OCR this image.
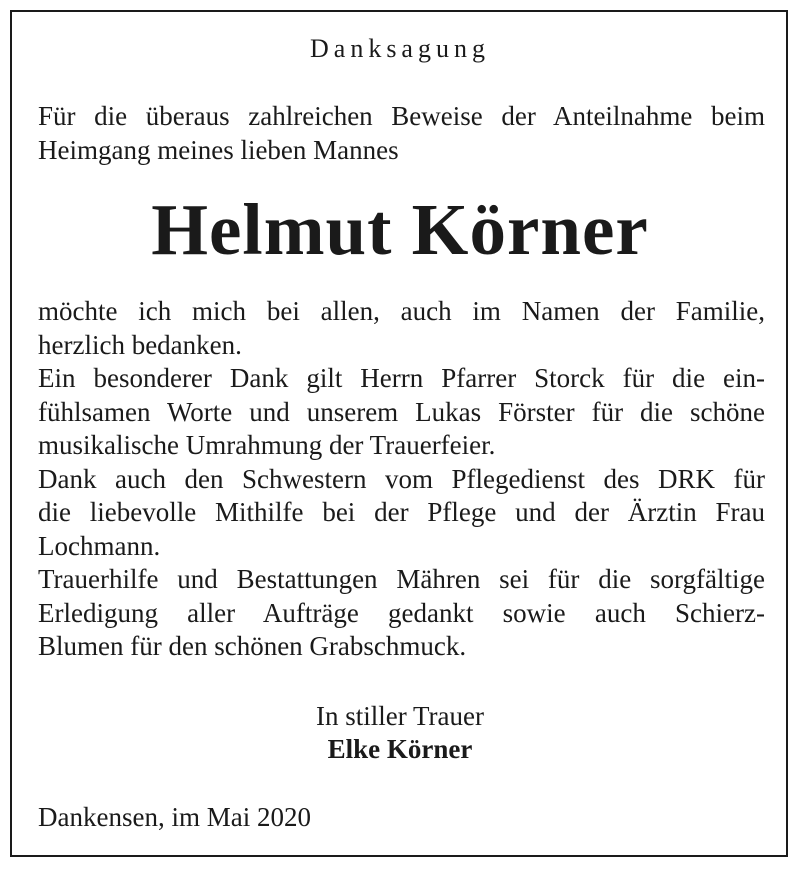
Danksagung
Für die überaus zahlreichen Beweise der Anteilnahme beim
Heimgang meines lieben Mannes
Helmut Körner
möchte ich mich bei allen, auch im Namen der Familie,
herzlich bedanken.
Ein besonderer Dank gilt Herrn Pfarrer Storck für die ein-
fühlsamen Worte und unserem Lukas Förster für die schöne
musikalische Umrahmung der Trauerfeier.
Dank auch den Schwestern vom Pflegedienst des DRK für
die liebevolle Mithilfe bei der Pflege und der Ärztin Frau
Lochmann.
Trauerhilfe und Bestattungen Mähren sei für die sorgfältige
Erledigung aller Aufträge gedankt sowie auch Schierz-
Blumen für den schönen Grabschmuck.
In stiller Trauer
Elke Körner
Dankensen, im Mai 2020
